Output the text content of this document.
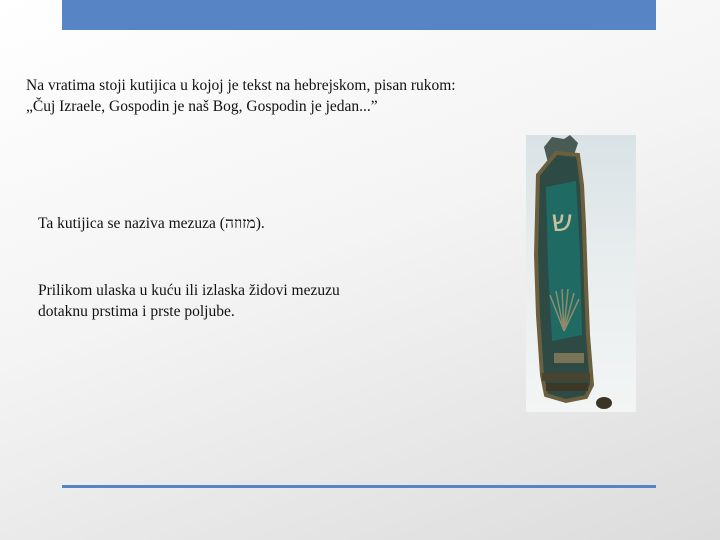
Na vratima stoji kutijica u kojoj je tekst na hebrejskom, pisan rukom:
„Čuj Izraele, Gospodin je naš Bog, Gospodin je jedan...”
Ta kutijica se naziva mezuza (מזוזה).
Prilikom ulaska u kuću ili izlaska židovi mezuzu
dotaknu prstima i prste poljube.
ש
